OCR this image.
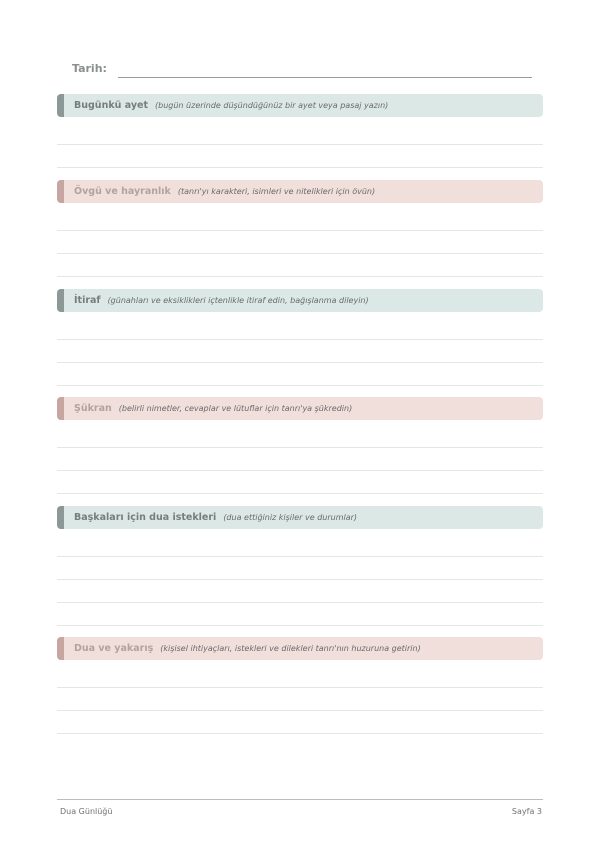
Tarih:
Bugünkü ayet (bugün üzerinde düşündüğünüz bir ayet veya pasaj yazın)
Övgü ve hayranlık (tanrı'yı karakteri, isimleri ve nitelikleri için övün)
İtiraf (günahları ve eksiklikleri içtenlikle itiraf edin, bağışlanma dileyin)
Şükran (belirli nimetler, cevaplar ve lütuflar için tanrı'ya şükredin)
Başkaları için dua istekleri (dua ettiğiniz kişiler ve durumlar)
Dua ve yakarış (kişisel ihtiyaçları, istekleri ve dilekleri tanrı'nın huzuruna getirin)
Dua Günlüğü	Sayfa 3
